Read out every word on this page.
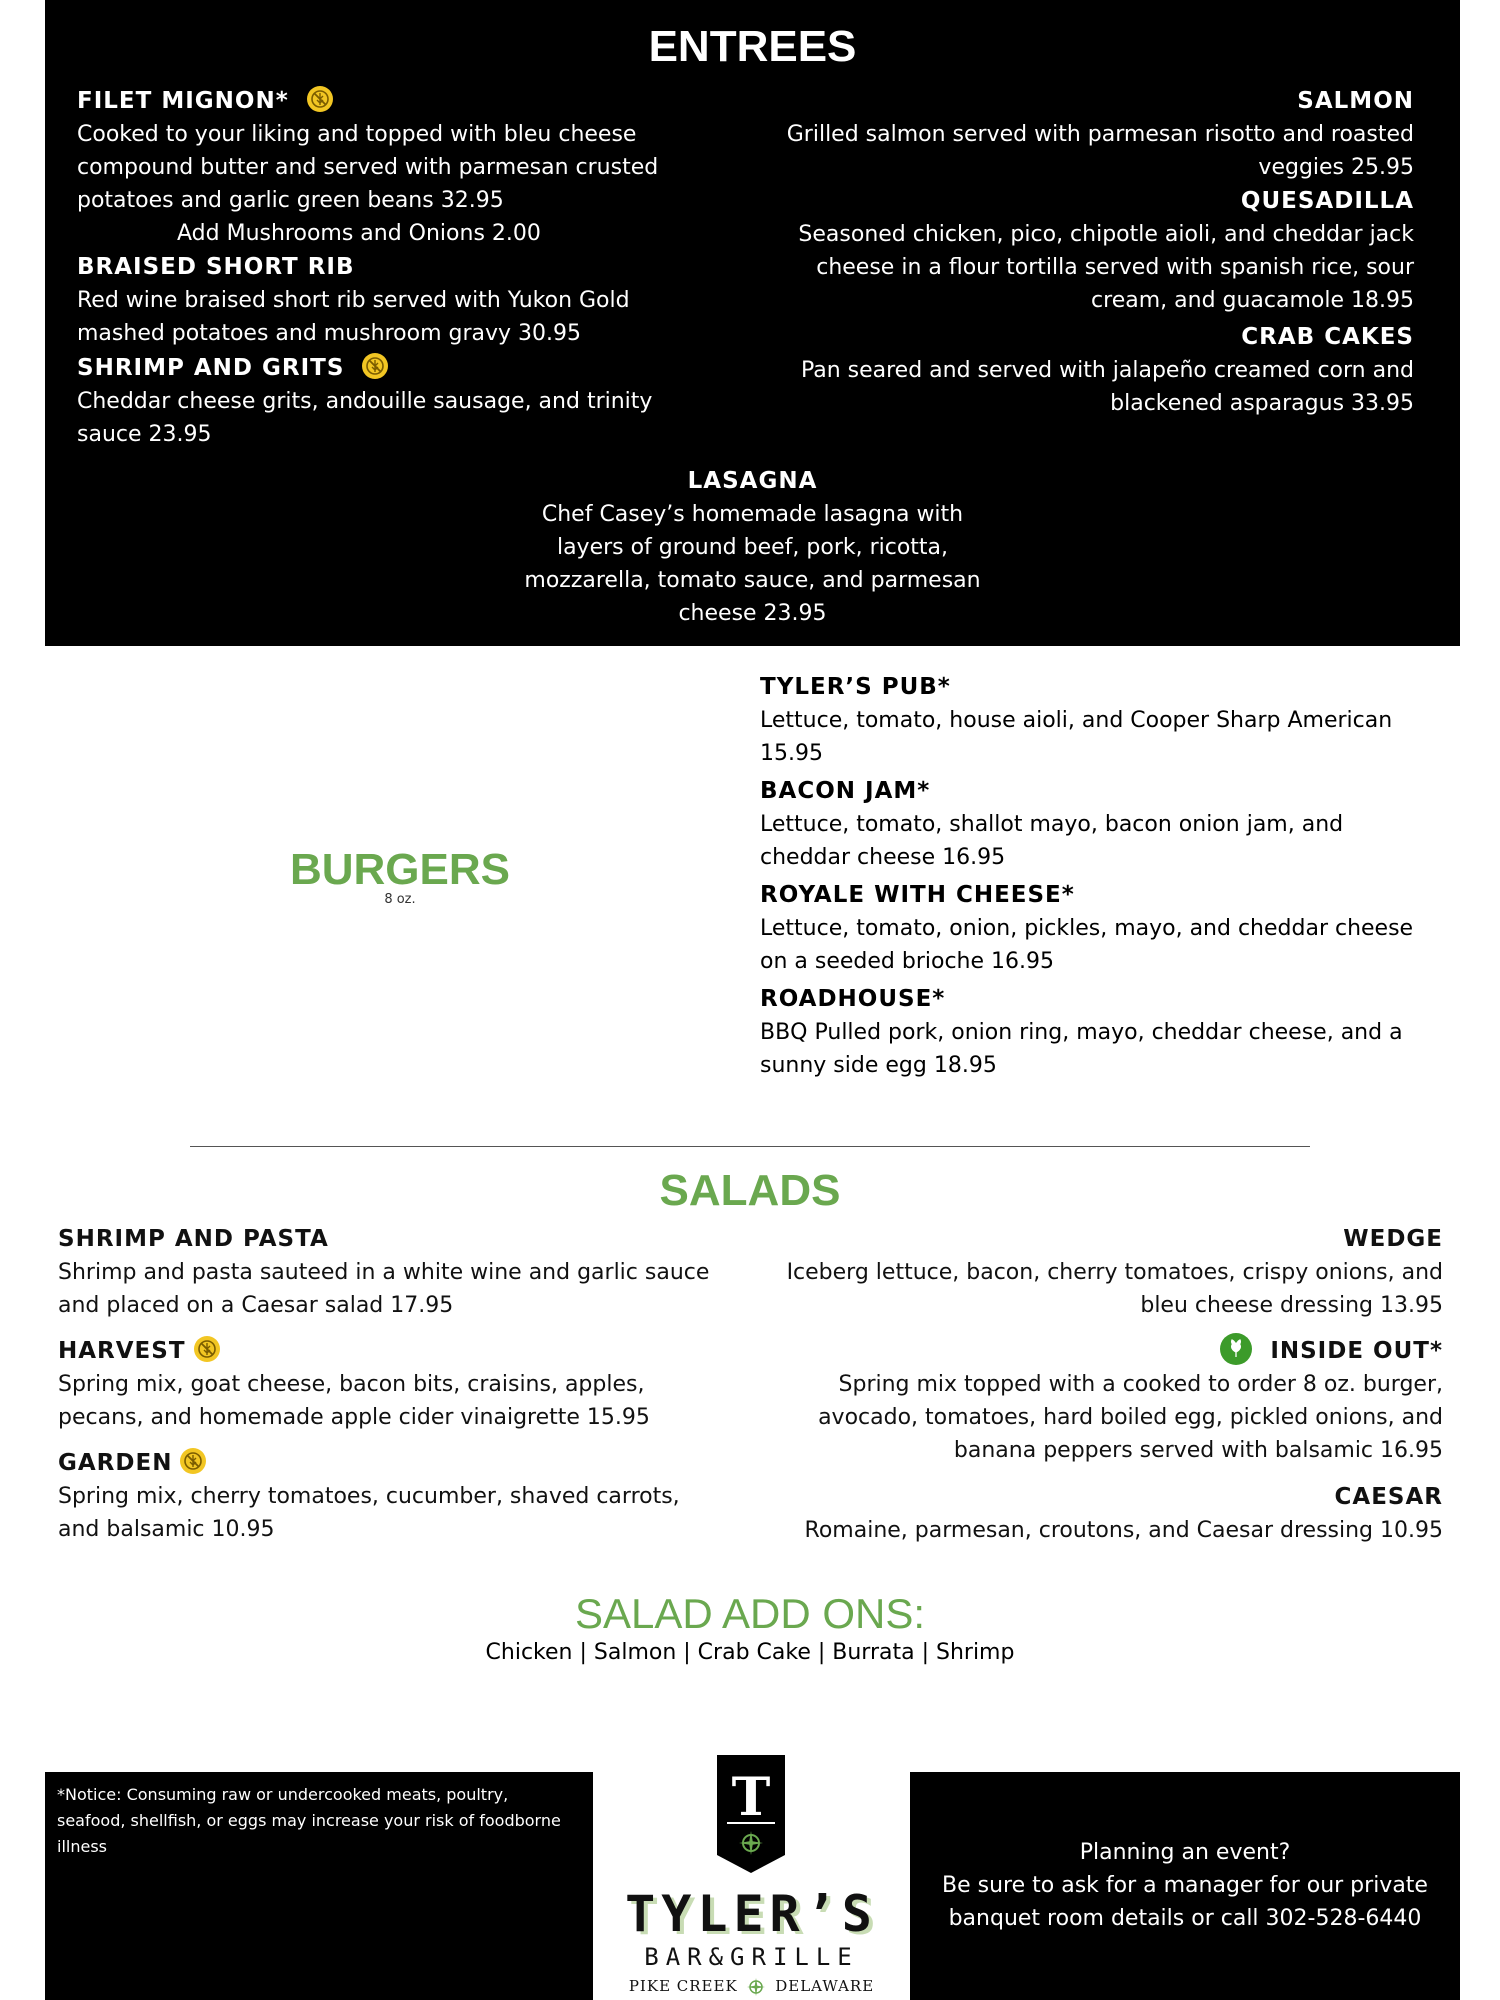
ENTREES
FILET MIGNON*
Cooked to your liking and topped with bleu cheese compound butter and served with parmesan crusted potatoes and garlic green beans 32.95
Add Mushrooms and Onions 2.00
BRAISED SHORT RIB
Red wine braised short rib served with Yukon Gold mashed potatoes and mushroom gravy 30.95
SHRIMP AND GRITS
Cheddar cheese grits, andouille sausage, and trinity sauce 23.95
SALMON
Grilled salmon served with parmesan risotto and roasted veggies 25.95
QUESADILLA
Seasoned chicken, pico, chipotle aioli, and cheddar jack cheese in a flour tortilla served with spanish rice, sour cream, and guacamole 18.95
CRAB CAKES
Pan seared and served with jalapeño creamed corn and blackened asparagus 33.95
LASAGNA
Chef Casey’s homemade lasagna with layers of ground beef, pork, ricotta, mozzarella, tomato sauce, and parmesan cheese 23.95
BURGERS
8 oz.
TYLER’S PUB*
Lettuce, tomato, house aioli, and Cooper Sharp American 15.95
BACON JAM*
Lettuce, tomato, shallot mayo, bacon onion jam, and cheddar cheese 16.95
ROYALE WITH CHEESE*
Lettuce, tomato, onion, pickles, mayo, and cheddar cheese on a seeded brioche 16.95
ROADHOUSE*
BBQ Pulled pork, onion ring, mayo, cheddar cheese, and a sunny side egg 18.95
SALADS
SHRIMP AND PASTA
Shrimp and pasta sauteed in a white wine and garlic sauce and placed on a Caesar salad 17.95
HARVEST
Spring mix, goat cheese, bacon bits, craisins, apples, pecans, and homemade apple cider vinaigrette 15.95
GARDEN
Spring mix, cherry tomatoes, cucumber, shaved carrots, and balsamic 10.95
WEDGE
Iceberg lettuce, bacon, cherry tomatoes, crispy onions, and bleu cheese dressing 13.95
INSIDE OUT*
Spring mix topped with a cooked to order 8 oz. burger, avocado, tomatoes, hard boiled egg, pickled onions, and banana peppers served with balsamic 16.95
CAESAR
Romaine, parmesan, croutons, and Caesar dressing 10.95
SALAD ADD ONS:
Chicken | Salmon | Crab Cake | Burrata | Shrimp
*Notice: Consuming raw or undercooked meats, poultry, seafood, shellfish, or eggs may increase your risk of foodborne illness
T
TYLER’S
BAR&GRILLE
PIKE CREEK	DELAWARE
Planning an event?
Be sure to ask for a manager for our private banquet room details or call 302-528-6440
